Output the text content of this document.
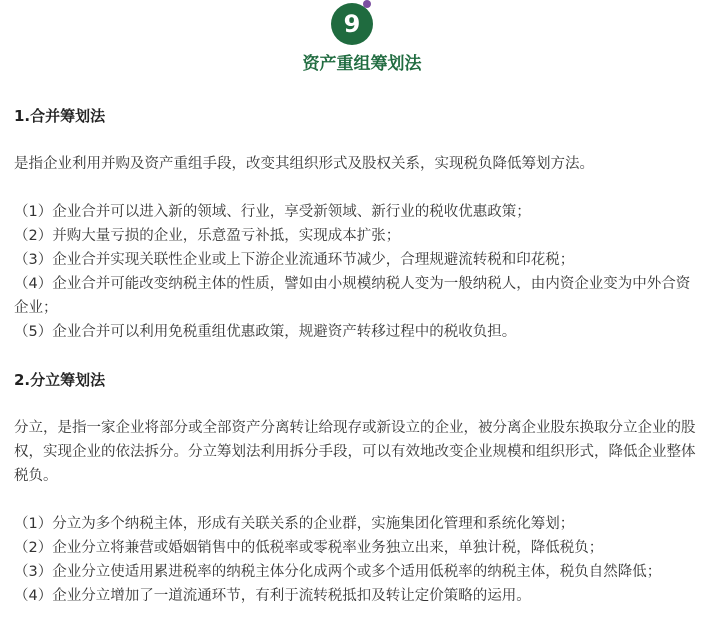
9
资产重组筹划法
1.合并筹划法
是指企业利用并购及资产重组手段，改变其组织形式及股权关系，实现税负降低筹划方法。
（1）企业合并可以进入新的领域、行业，享受新领域、新行业的税收优惠政策；
（2）并购大量亏损的企业，乐意盈亏补抵，实现成本扩张；
（3）企业合并实现关联性企业或上下游企业流通环节减少，合理规避流转税和印花税；
（4）企业合并可能改变纳税主体的性质，譬如由小规模纳税人变为一般纳税人，由内资企业变为中外合资企业；
（5）企业合并可以利用免税重组优惠政策，规避资产转移过程中的税收负担。
2.分立筹划法
分立，是指一家企业将部分或全部资产分离转让给现存或新设立的企业，被分离企业股东换取分立企业的股权，实现企业的依法拆分。分立筹划法利用拆分手段，可以有效地改变企业规模和组织形式，降低企业整体税负。
（1）分立为多个纳税主体，形成有关联关系的企业群，实施集团化管理和系统化筹划；
（2）企业分立将兼营或婚姻销售中的低税率或零税率业务独立出来，单独计税，降低税负；
（3）企业分立使适用累进税率的纳税主体分化成两个或多个适用低税率的纳税主体，税负自然降低；
（4）企业分立增加了一道流通环节，有利于流转税抵扣及转让定价策略的运用。
